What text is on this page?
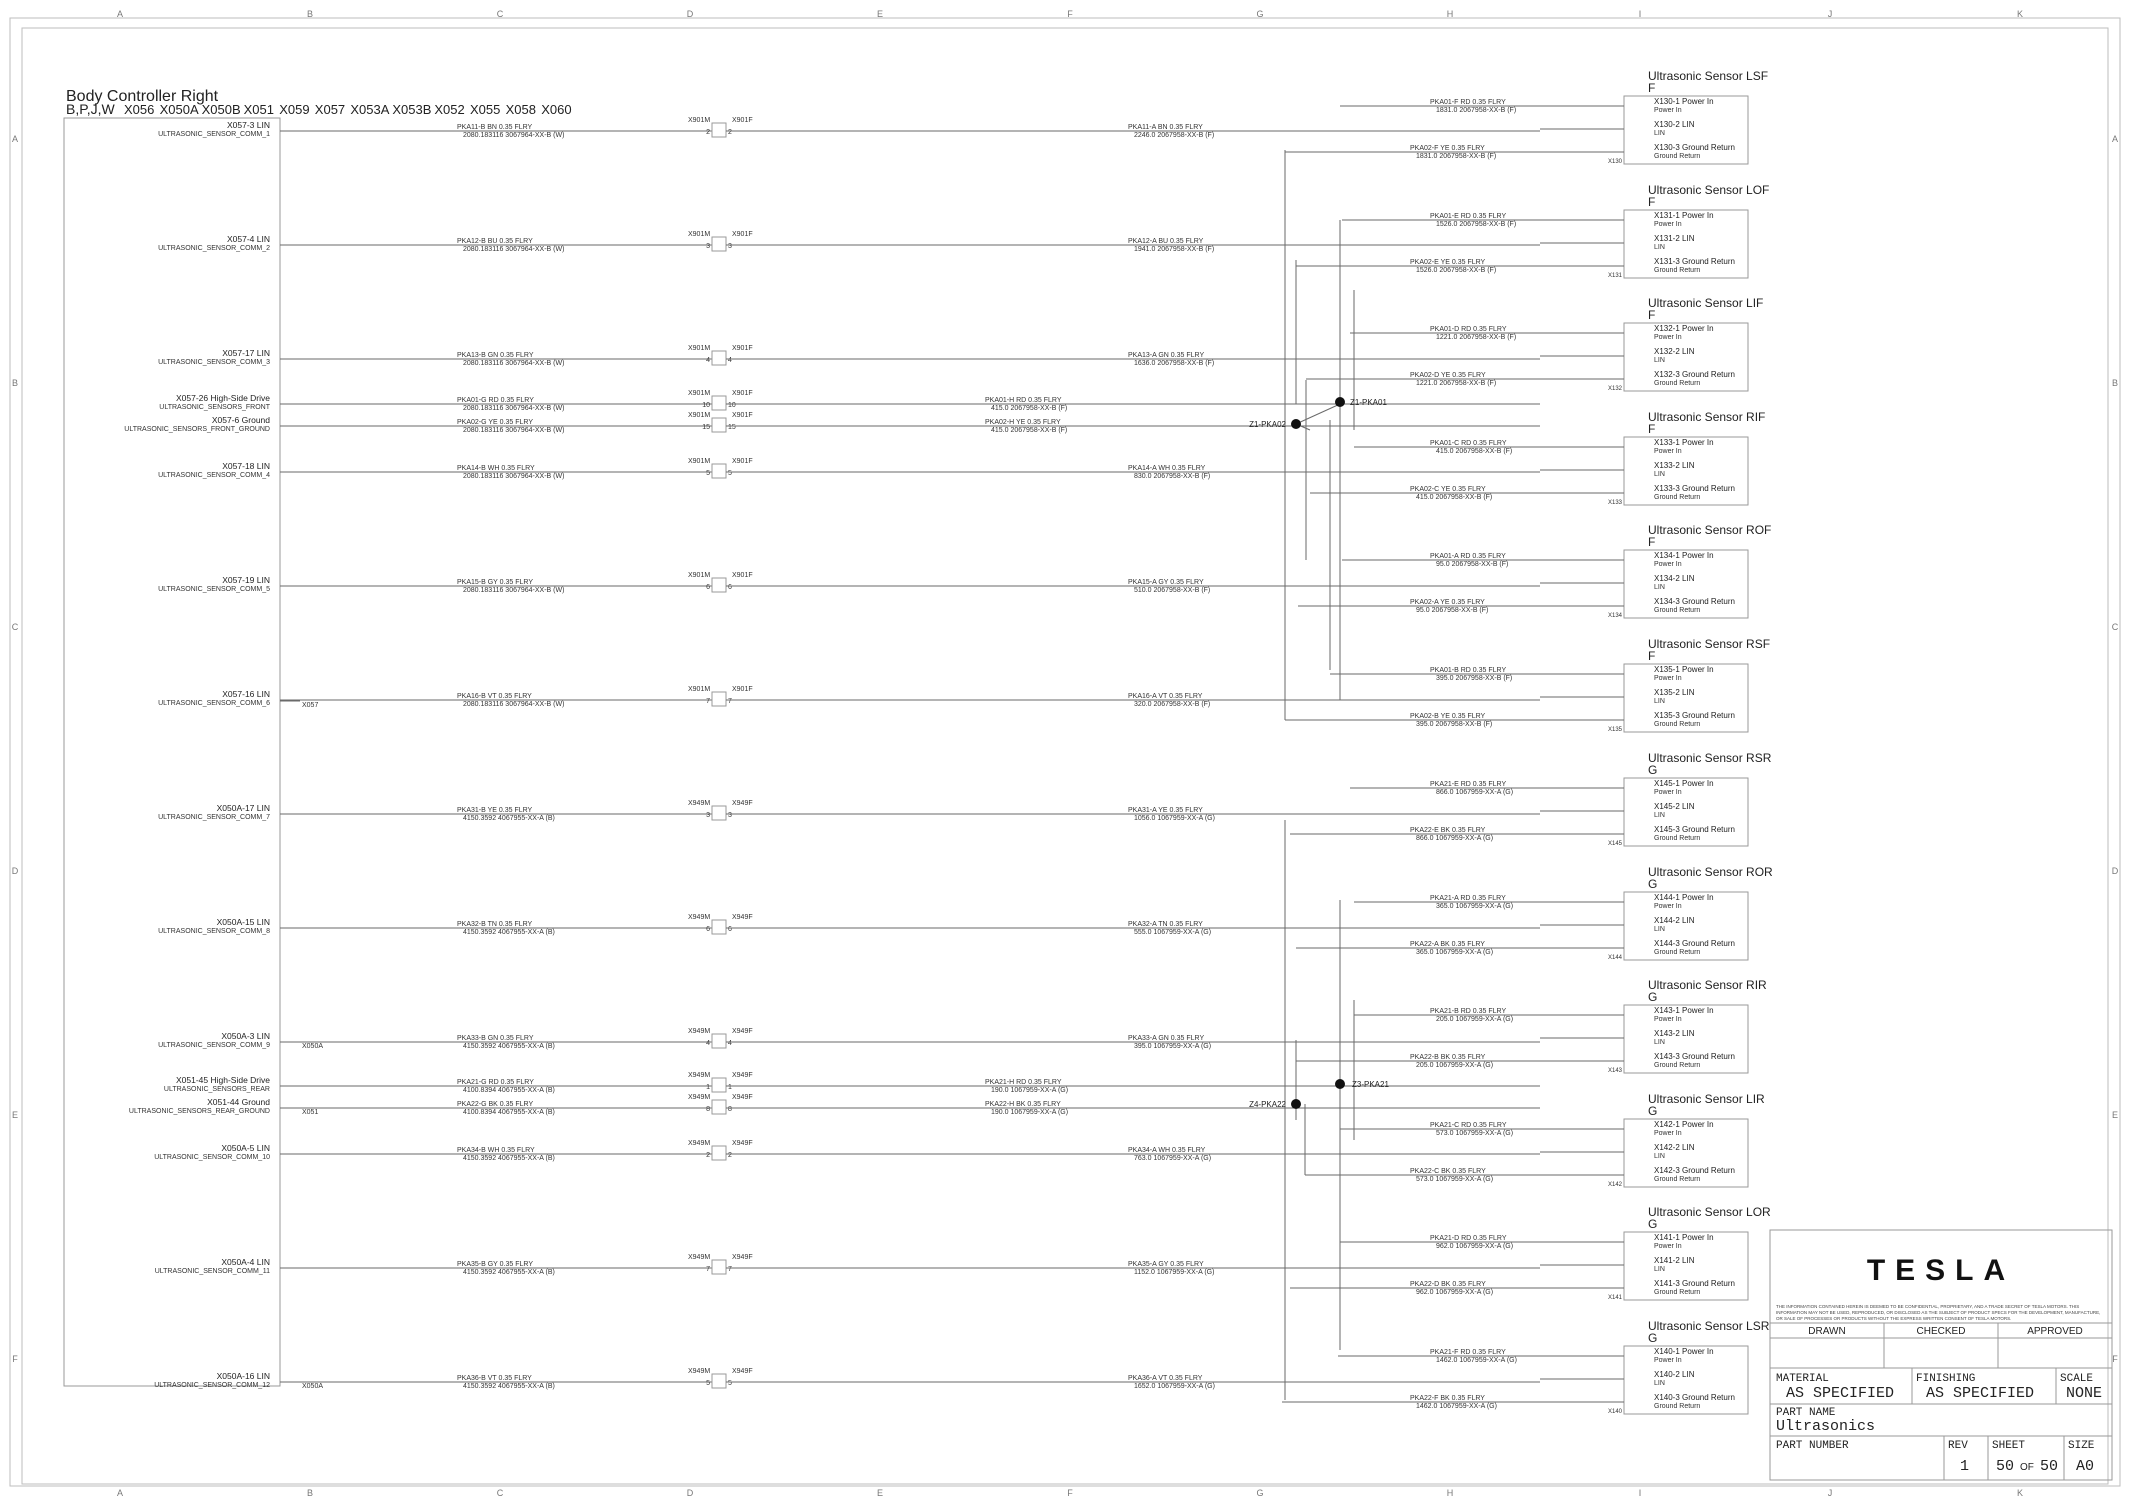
A	B	C	D	E	F	G	H	I	J	K
A	B	C	D	E	F	G	H	I	J	K
A
B
C
D
E
F
A
B
C
D
E
F
Body Controller Right
B,P,J,W X056 X050A X050B X051 X059 X057 X053A X053B X052 X055 X058 X060
X057-3 LIN
ULTRASONIC_SENSOR_COMM_1
PKA11-B BN 0.35 FLRY
2080.183116 3067964-XX-B (W)
X901M	X901F
2	2
PKA11-A BN 0.35 FLRY
2246.0 2067958-XX-B (F)
X057-4 LIN
ULTRASONIC_SENSOR_COMM_2
PKA12-B BU 0.35 FLRY
2080.183116 3067964-XX-B (W)
X901M	X901F
3	3
PKA12-A BU 0.35 FLRY
1941.0 2067958-XX-B (F)
X057-17 LIN
ULTRASONIC_SENSOR_COMM_3
PKA13-B GN 0.35 FLRY
2080.183116 3067964-XX-B (W)
X901M	X901F
4	4
PKA13-A GN 0.35 FLRY
1636.0 2067958-XX-B (F)
X057-26 High-Side Drive
ULTRASONIC_SENSORS_FRONT
PKA01-G RD 0.35 FLRY
2080.183116 3067964-XX-B (W)
X901M	X901F
10	10
PKA01-H RD 0.35 FLRY
415.0 2067958-XX-B (F)
X057-6 Ground
ULTRASONIC_SENSORS_FRONT_GROUND
PKA02-G YE 0.35 FLRY
2080.183116 3067964-XX-B (W)
X901M	X901F
15	15
PKA02-H YE 0.35 FLRY
415.0 2067958-XX-B (F)
X057-18 LIN
ULTRASONIC_SENSOR_COMM_4
PKA14-B WH 0.35 FLRY
2080.183116 3067964-XX-B (W)
X901M	X901F
5	5
PKA14-A WH 0.35 FLRY
830.0 2067958-XX-B (F)
X057-19 LIN
ULTRASONIC_SENSOR_COMM_5
PKA15-B GY 0.35 FLRY
2080.183116 3067964-XX-B (W)
X901M	X901F
6	6
PKA15-A GY 0.35 FLRY
510.0 2067958-XX-B (F)
X057-16 LIN
ULTRASONIC_SENSOR_COMM_6
PKA16-B VT 0.35 FLRY
2080.183116 3067964-XX-B (W)
X901M	X901F
7	7
PKA16-A VT 0.35 FLRY
320.0 2067958-XX-B (F)
X050A-17 LIN
ULTRASONIC_SENSOR_COMM_7
PKA31-B YE 0.35 FLRY
4150.3592 4067955-XX-A (B)
X949M	X949F
3	3
PKA31-A YE 0.35 FLRY
1056.0 1067959-XX-A (G)
X050A-15 LIN
ULTRASONIC_SENSOR_COMM_8
PKA32-B TN 0.35 FLRY
4150.3592 4067955-XX-A (B)
X949M	X949F
6	6
PKA32-A TN 0.35 FLRY
555.0 1067959-XX-A (G)
X050A-3 LIN
ULTRASONIC_SENSOR_COMM_9
PKA33-B GN 0.35 FLRY
4150.3592 4067955-XX-A (B)
X949M	X949F
4	4
PKA33-A GN 0.35 FLRY
395.0 1067959-XX-A (G)
X051-45 High-Side Drive
ULTRASONIC_SENSORS_REAR
PKA21-G RD 0.35 FLRY
4100.8394 4067955-XX-A (B)
X949M	X949F
1	1
PKA21-H RD 0.35 FLRY
190.0 1067959-XX-A (G)
X051-44 Ground
ULTRASONIC_SENSORS_REAR_GROUND
PKA22-G BK 0.35 FLRY
4100.8394 4067955-XX-A (B)
X949M	X949F
8	8
PKA22-H BK 0.35 FLRY
190.0 1067959-XX-A (G)
X050A-5 LIN
ULTRASONIC_SENSOR_COMM_10
PKA34-B WH 0.35 FLRY
4150.3592 4067955-XX-A (B)
X949M	X949F
2	2
PKA34-A WH 0.35 FLRY
763.0 1067959-XX-A (G)
X050A-4 LIN
ULTRASONIC_SENSOR_COMM_11
PKA35-B GY 0.35 FLRY
4150.3592 4067955-XX-A (B)
X949M	X949F
7	7
PKA35-A GY 0.35 FLRY
1152.0 1067959-XX-A (G)
X050A-16 LIN
ULTRASONIC_SENSOR_COMM_12
PKA36-B VT 0.35 FLRY
4150.3592 4067955-XX-A (B)
X949M	X949F
5	5
PKA36-A VT 0.35 FLRY
1652.0 1067959-XX-A (G)
X057
X050A
X051
X050A
Z1-PKA02
Z1-PKA01
Z4-PKA22
Z3-PKA21
Ultrasonic Sensor LSF
F
X130
X130-1 Power In
Power In
X130-2 LIN
LIN
X130-3 Ground Return
Ground Return
PKA01-F RD 0.35 FLRY
1831.0 2067958-XX-B (F)
PKA02-F YE 0.35 FLRY
1831.0 2067958-XX-B (F)
Ultrasonic Sensor LOF
F
X131
X131-1 Power In
Power In
X131-2 LIN
LIN
X131-3 Ground Return
Ground Return
PKA01-E RD 0.35 FLRY
1526.0 2067958-XX-B (F)
PKA02-E YE 0.35 FLRY
1526.0 2067958-XX-B (F)
Ultrasonic Sensor LIF
F
X132
X132-1 Power In
Power In
X132-2 LIN
LIN
X132-3 Ground Return
Ground Return
PKA01-D RD 0.35 FLRY
1221.0 2067958-XX-B (F)
PKA02-D YE 0.35 FLRY
1221.0 2067958-XX-B (F)
Ultrasonic Sensor RIF
F
X133
X133-1 Power In
Power In
X133-2 LIN
LIN
X133-3 Ground Return
Ground Return
PKA01-C RD 0.35 FLRY
415.0 2067958-XX-B (F)
PKA02-C YE 0.35 FLRY
415.0 2067958-XX-B (F)
Ultrasonic Sensor ROF
F
X134
X134-1 Power In
Power In
X134-2 LIN
LIN
X134-3 Ground Return
Ground Return
PKA01-A RD 0.35 FLRY
95.0 2067958-XX-B (F)
PKA02-A YE 0.35 FLRY
95.0 2067958-XX-B (F)
Ultrasonic Sensor RSF
F
X135
X135-1 Power In
Power In
X135-2 LIN
LIN
X135-3 Ground Return
Ground Return
PKA01-B RD 0.35 FLRY
395.0 2067958-XX-B (F)
PKA02-B YE 0.35 FLRY
395.0 2067958-XX-B (F)
Ultrasonic Sensor RSR
G
X145
X145-1 Power In
Power In
X145-2 LIN
LIN
X145-3 Ground Return
Ground Return
PKA21-E RD 0.35 FLRY
866.0 1067959-XX-A (G)
PKA22-E BK 0.35 FLRY
866.0 1067959-XX-A (G)
Ultrasonic Sensor ROR
G
X144
X144-1 Power In
Power In
X144-2 LIN
LIN
X144-3 Ground Return
Ground Return
PKA21-A RD 0.35 FLRY
365.0 1067959-XX-A (G)
PKA22-A BK 0.35 FLRY
365.0 1067959-XX-A (G)
Ultrasonic Sensor RIR
G
X143
X143-1 Power In
Power In
X143-2 LIN
LIN
X143-3 Ground Return
Ground Return
PKA21-B RD 0.35 FLRY
205.0 1067959-XX-A (G)
PKA22-B BK 0.35 FLRY
205.0 1067959-XX-A (G)
Ultrasonic Sensor LIR
G
X142
X142-1 Power In
Power In
X142-2 LIN
LIN
X142-3 Ground Return
Ground Return
PKA21-C RD 0.35 FLRY
573.0 1067959-XX-A (G)
PKA22-C BK 0.35 FLRY
573.0 1067959-XX-A (G)
Ultrasonic Sensor LOR
G
X141
X141-1 Power In
Power In
X141-2 LIN
LIN
X141-3 Ground Return
Ground Return
PKA21-D RD 0.35 FLRY
962.0 1067959-XX-A (G)
PKA22-D BK 0.35 FLRY
962.0 1067959-XX-A (G)
Ultrasonic Sensor LSR
G
X140
X140-1 Power In
Power In
X140-2 LIN
LIN
X140-3 Ground Return
Ground Return
PKA21-F RD 0.35 FLRY
1462.0 1067959-XX-A (G)
PKA22-F BK 0.35 FLRY
1462.0 1067959-XX-A (G)
TESLA
THE INFORMATION CONTAINED HEREIN IS DEEMED TO BE CONFIDENTIAL, PROPRIETARY, AND A TRADE SECRET OF TESLA MOTORS. THIS
INFORMATION MAY NOT BE USED, REPRODUCED, OR DISCLOSED AS THE SUBJECT OF PRODUCT SPECS FOR THE DEVELOPMENT, MANUFACTURE,
OR SALE OF PROCESSES OR PRODUCTS WITHOUT THE EXPRESS WRITTEN CONSENT OF TESLA MOTORS.
DRAWN	CHECKED	APPROVED
MATERIAL
AS SPECIFIED
FINISHING
AS SPECIFIED
SCALE
NONE
PART NAME
Ultrasonics
PART NUMBER	REV
1
SHEET
50 OF 50
SIZE
A0
